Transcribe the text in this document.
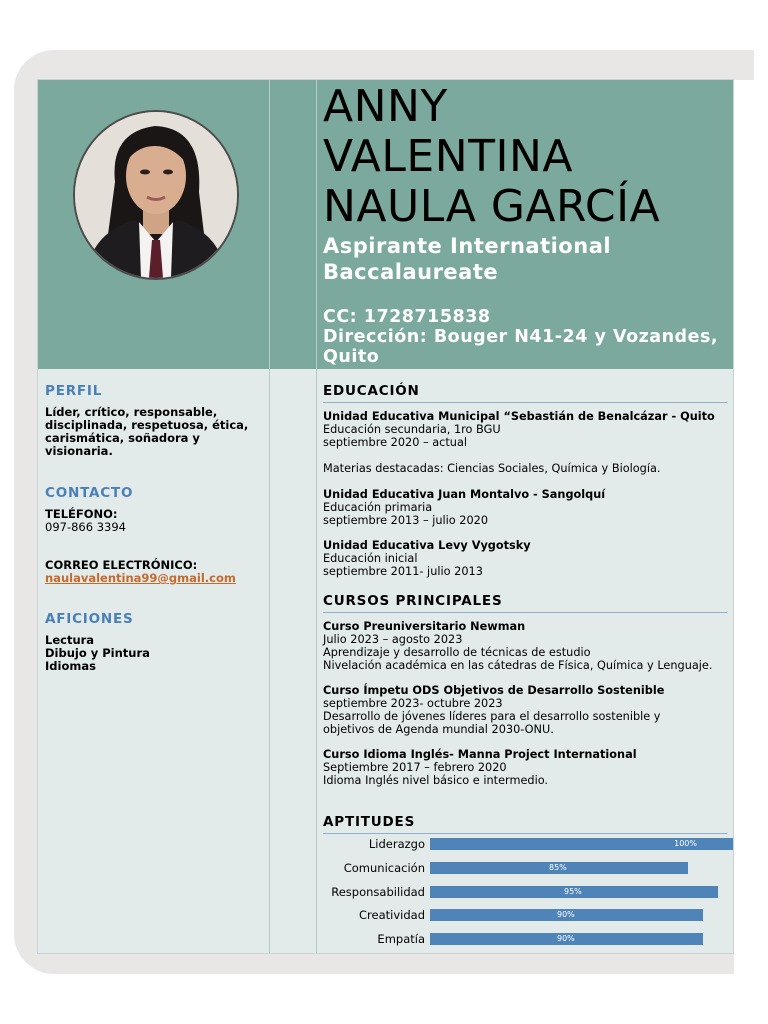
ANNY
VALENTINA
NAULA GARCÍA
Aspirante International Baccalaureate
CC: 1728715838
Dirección: Bouger N41-24 y Vozandes, Quito
PERFIL

Líder, crítico, responsable, disciplinada, respetuosa, ética, carismática, soñadora y visionaria.

CONTACTO

TELÉFONO:

097-866 3394

CORREO ELECTRÓNICO:

naulavalentina99@gmail.com

AFICIONES

Lectura

Dibujo y Pintura

Idiomas

EDUCACIÓN

Unidad Educativa Municipal “Sebastián de Benalcázar - Quito

Educación secundaria, 1ro BGU

septiembre 2020 – actual

Materias destacadas: Ciencias Sociales, Química y Biología.

Unidad Educativa Juan Montalvo - Sangolquí

Educación primaria

septiembre 2013 – julio 2020

Unidad Educativa Levy Vygotsky

Educación inicial

septiembre 2011- julio 2013

CURSOS PRINCIPALES

Curso Preuniversitario Newman

Julio 2023 – agosto 2023

Aprendizaje y desarrollo de técnicas de estudio

Nivelación académica en las cátedras de Física, Química y Lenguaje.

Curso Ímpetu ODS Objetivos de Desarrollo Sostenible

septiembre 2023- octubre 2023

Desarrollo de jóvenes líderes para el desarrollo sostenible y

objetivos de Agenda mundial 2030-ONU.

Curso Idioma Inglés- Manna Project International

Septiembre 2017 – febrero 2020

Idioma Inglés nivel básico e intermedio.

APTITUDES
Liderazgo	100%
Comunicación	85%
Responsabilidad	95%
Creatividad	90%
Empatía	90%
